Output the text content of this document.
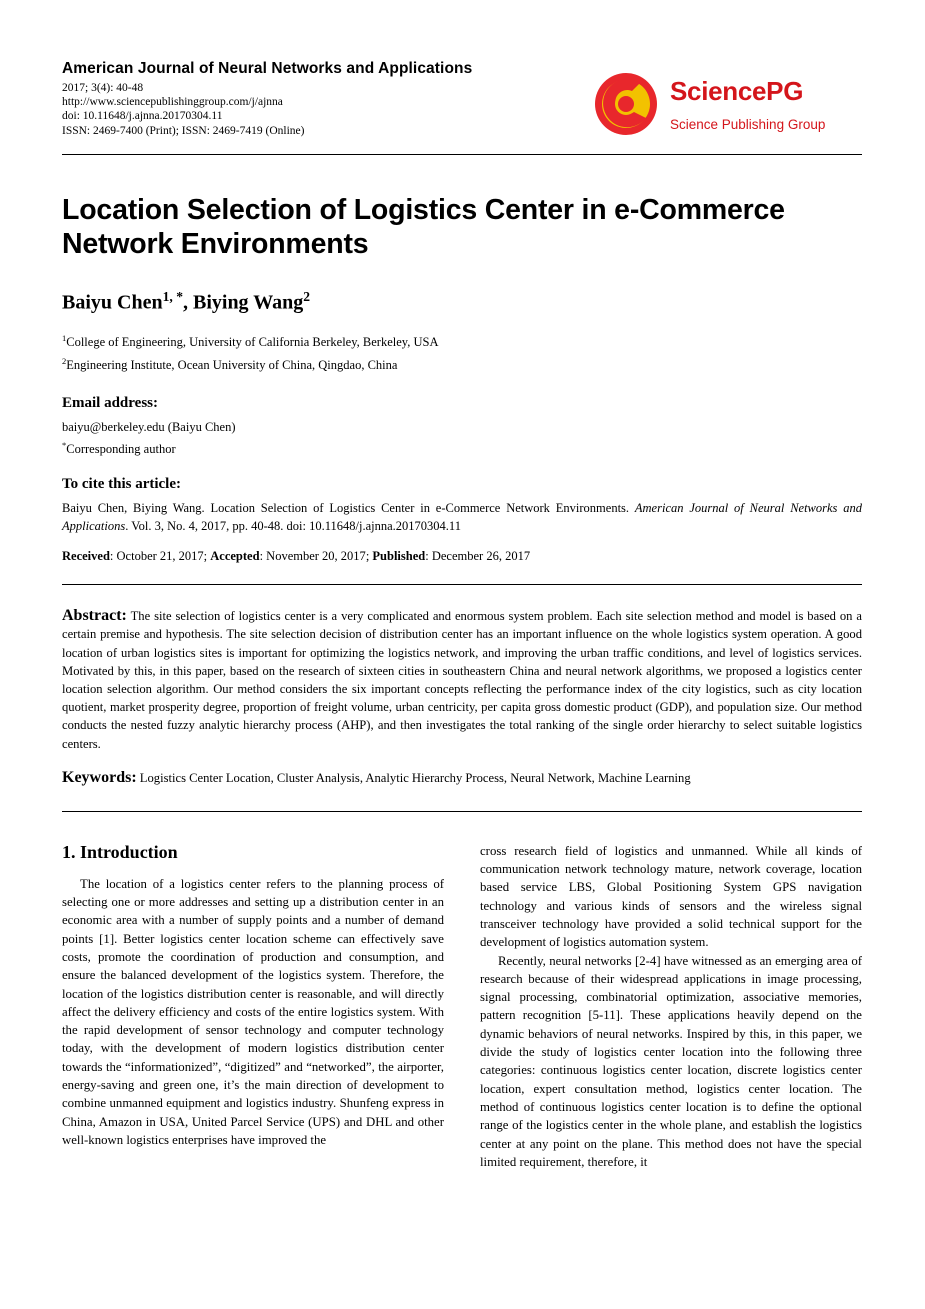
American Journal of Neural Networks and Applications
2017; 3(4): 40-48
http://www.sciencepublishinggroup.com/j/ajnna
doi: 10.11648/j.ajnna.20170304.11
ISSN: 2469-7400 (Print); ISSN: 2469-7419 (Online)
SciencePG
Science Publishing Group
Location Selection of Logistics Center in e-Commerce Network Environments
Baiyu Chen$^{1, *}$, Biying Wang$^2$
$^1$College of Engineering, University of California Berkeley, Berkeley, USA
$^2$Engineering Institute, Ocean University of China, Qingdao, China
Email address:
baiyu@berkeley.edu (Baiyu Chen)
*Corresponding author
To cite this article:
Baiyu Chen, Biying Wang. Location Selection of Logistics Center in e-Commerce Network Environments. American Journal of Neural Networks and Applications. Vol. 3, No. 4, 2017, pp. 40-48. doi: 10.11648/j.ajnna.20170304.11
Received: October 21, 2017; Accepted: November 20, 2017; Published: December 26, 2017
Abstract: The site selection of logistics center is a very complicated and enormous system problem. Each site selection method and model is based on a certain premise and hypothesis. The site selection decision of distribution center has an important influence on the whole logistics system operation. A good location of urban logistics sites is important for optimizing the logistics network, and improving the urban traffic conditions, and level of logistics services. Motivated by this, in this paper, based on the research of sixteen cities in southeastern China and neural network algorithms, we proposed a logistics center location selection algorithm. Our method considers the six important concepts reflecting the performance index of the city logistics, such as city location quotient, market prosperity degree, proportion of freight volume, urban centricity, per capita gross domestic product (GDP), and population size. Our method conducts the nested fuzzy analytic hierarchy process (AHP), and then investigates the total ranking of the single order hierarchy to select suitable logistics centers.
Keywords: Logistics Center Location, Cluster Analysis, Analytic Hierarchy Process, Neural Network, Machine Learning
1. Introduction

The location of a logistics center refers to the planning process of selecting one or more addresses and setting up a distribution center in an economic area with a number of supply points and a number of demand points [1]. Better logistics center location scheme can effectively save costs, promote the coordination of production and consumption, and ensure the balanced development of the logistics system. Therefore, the location of the logistics distribution center is reasonable, and will directly affect the delivery efficiency and costs of the entire logistics system. With the rapid development of sensor technology and computer technology today, with the development of modern logistics distribution center towards the “informationized”, “digitized” and “networked”, the airporter, energy-saving and green one, it’s the main direction of development to combine unmanned equipment and logistics industry. Shunfeng express in China, Amazon in USA, United Parcel Service (UPS) and DHL and other well-known logistics enterprises have improved the

cross research field of logistics and unmanned. While all kinds of communication network technology mature, network coverage, location based service LBS, Global Positioning System GPS navigation technology and various kinds of sensors and the wireless signal transceiver technology have provided a solid technical support for the development of logistics automation system.

Recently, neural networks [2-4] have witnessed as an emerging area of research because of their widespread applications in image processing, signal processing, combinatorial optimization, associative memories, pattern recognition [5-11]. These applications heavily depend on the dynamic behaviors of neural networks. Inspired by this, in this paper, we divide the study of logistics center location into the following three categories: continuous logistics center location, discrete logistics center location, expert consultation method, logistics center location. The method of continuous logistics center location is to define the optional range of the logistics center in the whole plane, and establish the logistics center at any point on the plane. This method does not have the special limited requirement, therefore, it
